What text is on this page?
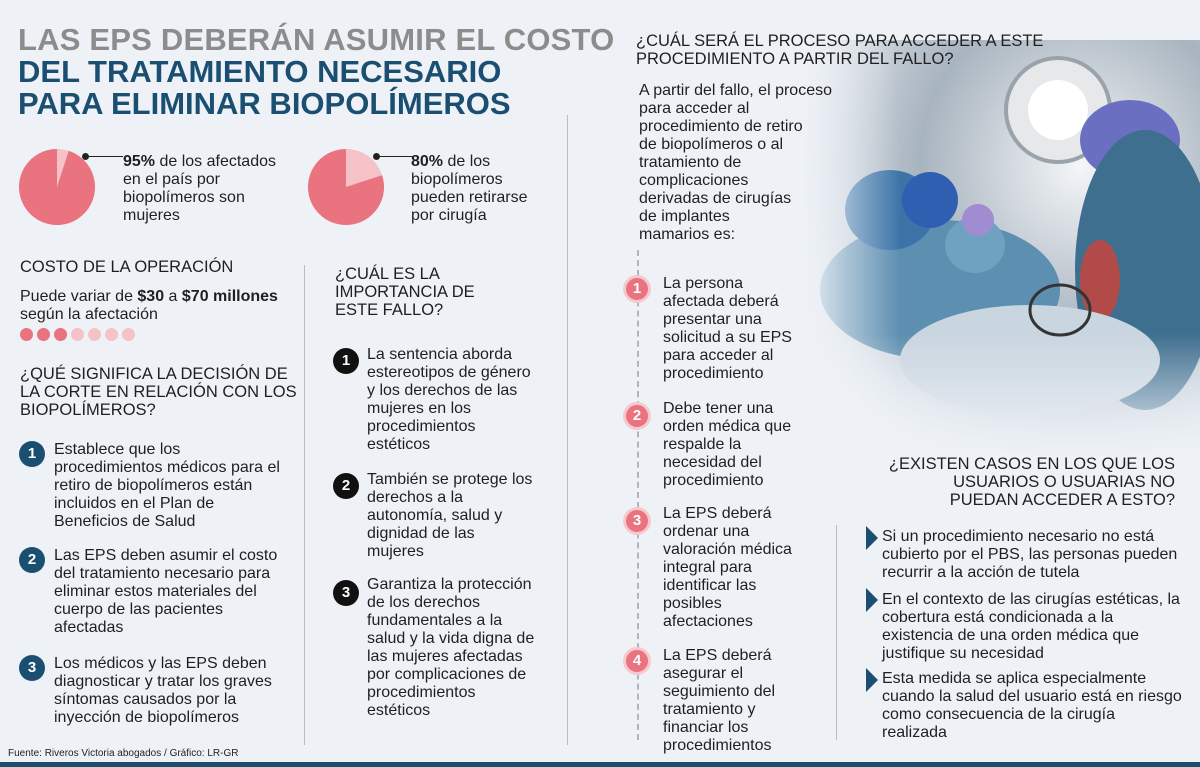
LAS EPS DEBERÁN ASUMIR EL COSTO
DEL TRATAMIENTO NECESARIO
PARA ELIMINAR BIOPOLÍMEROS
95% de los afectados
en el país por
biopolímeros son
mujeres
80% de los
biopolímeros
pueden retirarse
por cirugía
COSTO DE LA OPERACIÓN
Puede variar de $30 a $70 millones
según la afectación
¿QUÉ SIGNIFICA LA DECISIÓN DE
LA CORTE EN RELACIÓN CON LOS
BIOPOLÍMEROS?
1	Establece que los
procedimientos médicos para el
retiro de biopolímeros están
incluidos en el Plan de
Beneficios de Salud
2	Las EPS deben asumir el costo
del tratamiento necesario para
eliminar estos materiales del
cuerpo de las pacientes
afectadas
3	Los médicos y las EPS deben
diagnosticar y tratar los graves
síntomas causados por la
inyección de biopolímeros
¿CUÁL ES LA
IMPORTANCIA DE
ESTE FALLO?
1	La sentencia aborda
estereotipos de género
y los derechos de las
mujeres en los
procedimientos
estéticos
2	También se protege los
derechos a la
autonomía, salud y
dignidad de las
mujeres
3	Garantiza la protección
de los derechos
fundamentales a la
salud y la vida digna de
las mujeres afectadas
por complicaciones de
procedimientos
estéticos
¿CUÁL SERÁ EL PROCESO PARA ACCEDER A ESTE
PROCEDIMIENTO A PARTIR DEL FALLO?
A partir del fallo, el proceso
para acceder al
procedimiento de retiro
de biopolímeros o al
tratamiento de
complicaciones
derivadas de cirugías
de implantes
mamarios es:
1	La persona
afectada deberá
presentar una
solicitud a su EPS
para acceder al
procedimiento
2	Debe tener una
orden médica que
respalde la
necesidad del
procedimiento
3	La EPS deberá
ordenar una
valoración médica
integral para
identificar las
posibles
afectaciones
4	La EPS deberá
asegurar el
seguimiento del
tratamiento y
financiar los
procedimientos
¿EXISTEN CASOS EN LOS QUE LOS
USUARIOS O USUARIAS NO
PUEDAN ACCEDER A ESTO?
Si un procedimiento necesario no está
cubierto por el PBS, las personas pueden
recurrir a la acción de tutela
En el contexto de las cirugías estéticas, la
cobertura está condicionada a la
existencia de una orden médica que
justifique su necesidad
Esta medida se aplica especialmente
cuando la salud del usuario está en riesgo
como consecuencia de la cirugía
realizada
Fuente: Riveros Victoria abogados / Gráfico: LR-GR
